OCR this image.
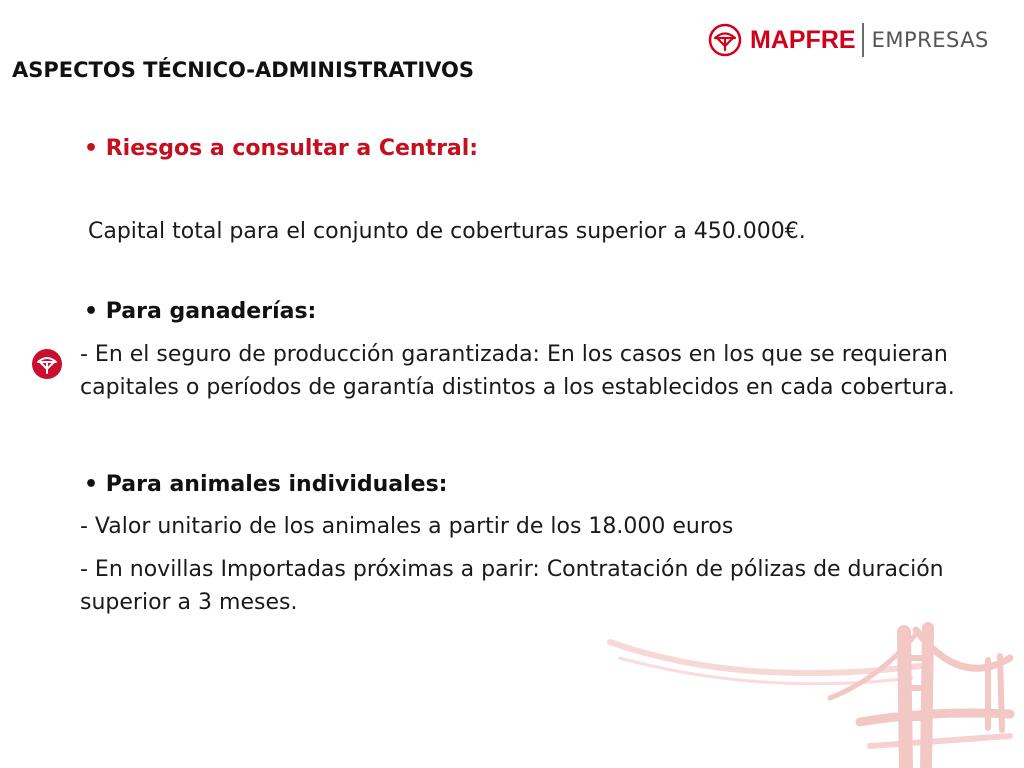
MAPFRE EMPRESAS
ASPECTOS TÉCNICO-ADMINISTRATIVOS
• Riesgos a consultar a Central:
Capital total para el conjunto de coberturas superior a 450.000€.
• Para ganaderías:
- En el seguro de producción garantizada: En los casos en los que se requieran capitales o períodos de garantía distintos a los establecidos en cada cobertura.
• Para animales individuales:
- Valor unitario de los animales a partir de los 18.000 euros
- En novillas Importadas próximas a parir: Contratación de pólizas de duración superior a 3 meses.
